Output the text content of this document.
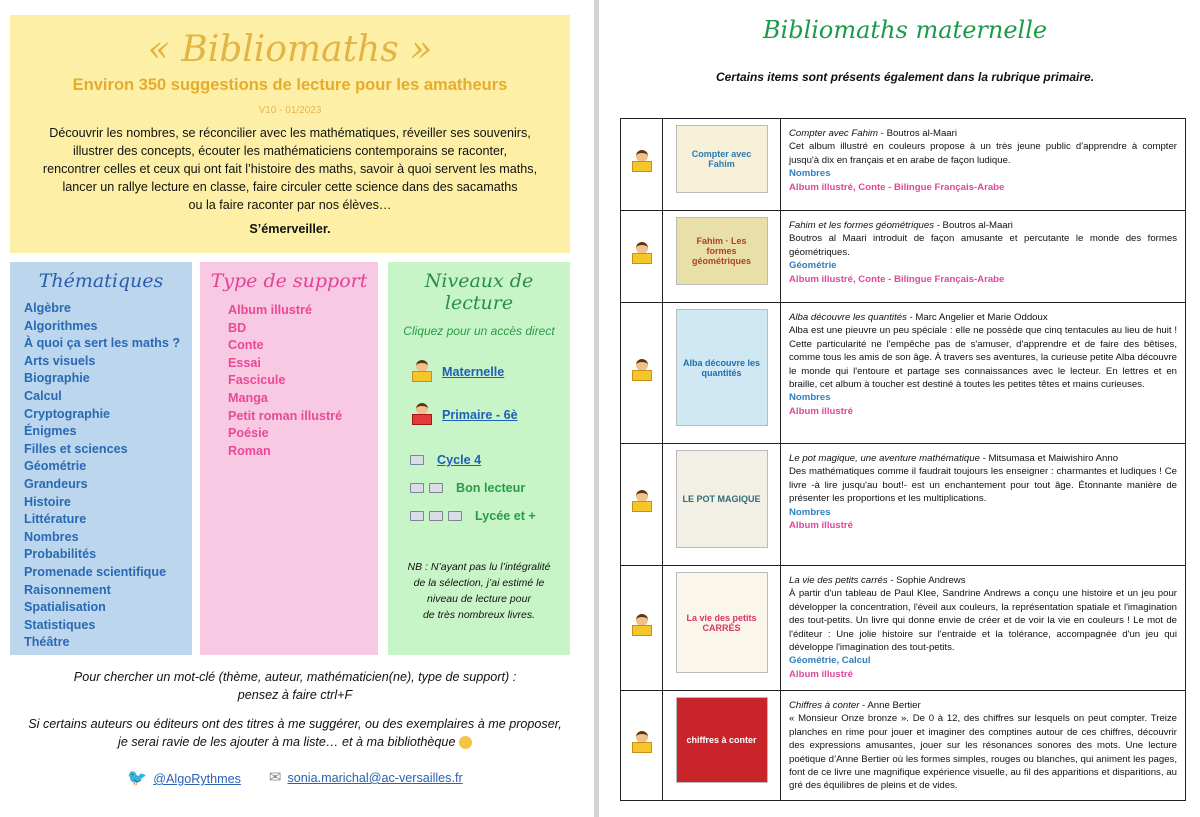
« Bibliomaths »
Environ 350 suggestions de lecture pour les amatheurs
V10 - 01/2023
Découvrir les nombres, se réconcilier avec les mathématiques, réveiller ses souvenirs,
illustrer des concepts, écouter les mathématiciens contemporains se raconter,
rencontrer celles et ceux qui ont fait l’histoire des maths, savoir à quoi servent les maths,
lancer un rallye lecture en classe, faire circuler cette science dans des sacamaths
ou la faire raconter par nos élèves…
S’émerveiller.
Thématiques
Algèbre
Algorithmes
À quoi ça sert les maths ?
Arts visuels
Biographie
Calcul
Cryptographie
Énigmes
Filles et sciences
Géométrie
Grandeurs
Histoire
Littérature
Nombres
Probabilités
Promenade scientifique
Raisonnement
Spatialisation
Statistiques
Théâtre
Type de support
Album illustré
BD
Conte
Essai
Fascicule
Manga
Petit roman illustré
Poésie
Roman
Niveaux de lecture
Cliquez pour un accès direct
Maternelle
Primaire - 6è
Cycle 4
Bon lecteur
Lycée et +
NB : N’ayant pas lu l’intégralité
de la sélection, j’ai estimé le
niveau de lecture pour
de très nombreux livres.

Pour chercher un mot-clé (thème, auteur, mathématicien(ne), type de support) :
pensez à faire ctrl+F

Si certains auteurs ou éditeurs ont des titres à me suggérer, ou des exemplaires à me proposer,
je serai ravie de les ajouter à ma liste… et à ma bibliothèque

🐦 @AlgoRythmes ✉ sonia.marichal@ac-versailles.fr
Bibliomaths maternelle
Certains items sont présents également dans la rubrique primaire.

Compter avec Fahim	Compter avec Fahim - Boutros al-Maari
Cet album illustré en couleurs propose à un très jeune public d'apprendre à compter jusqu'à dix en français et en arabe de façon ludique.
Nombres
Album illustré, Conte - Bilingue Français-Arabe

Fahim · Les formes géométriques	Fahim et les formes géométriques - Boutros al-Maari
Boutros al Maari introduit de façon amusante et percutante le monde des formes géométriques.
Géométrie
Album illustré, Conte - Bilingue Français-Arabe

Alba découvre les quantités	Alba découvre les quantités - Marc Angelier et Marie Oddoux
Alba est une pieuvre un peu spéciale : elle ne possède que cinq tentacules au lieu de huit ! Cette particularité ne l'empêche pas de s'amuser, d'apprendre et de faire des bêtises, comme tous les amis de son âge. À travers ses aventures, la curieuse petite Alba découvre le monde qui l'entoure et partage ses connaissances avec le lecteur. En lettres et en braille, cet album à toucher est destiné à toutes les petites têtes et mains curieuses.
Nombres
Album illustré

LE POT MAGIQUE	Le pot magique, une aventure mathématique - Mitsumasa et Maiwishiro Anno
Des mathématiques comme il faudrait toujours les enseigner : charmantes et ludiques ! Ce livre -à lire jusqu'au bout!- est un enchantement pour tout âge. Étonnante manière de présenter les proportions et les multiplications.
Nombres
Album illustré

La vie des petits CARRÉS	La vie des petits carrés - Sophie Andrews
À partir d'un tableau de Paul Klee, Sandrine Andrews a conçu une histoire et un jeu pour développer la concentration, l'éveil aux couleurs, la représentation spatiale et l'imagination des tout-petits. Un livre qui donne envie de créer et de voir la vie en couleurs ! Le mot de l'éditeur : Une jolie histoire sur l'entraide et la tolérance, accompagnée d'un jeu qui développe l'imagination des tout-petits.
Géométrie, Calcul
Album illustré

chiffres à conter	Chiffres à conter - Anne Bertier
« Monsieur Onze bronze ». De 0 à 12, des chiffres sur lesquels on peut compter. Treize planches en rime pour jouer et imaginer des comptines autour de ces chiffres, découvrir des expressions amusantes, jouer sur les résonances sonores des mots. Une lecture poétique d’Anne Bertier où les formes simples, rouges ou blanches, qui animent les pages, font de ce livre une magnifique expérience visuelle, au fil des apparitions et disparitions, au gré des équilibres de pleins et de vides.
